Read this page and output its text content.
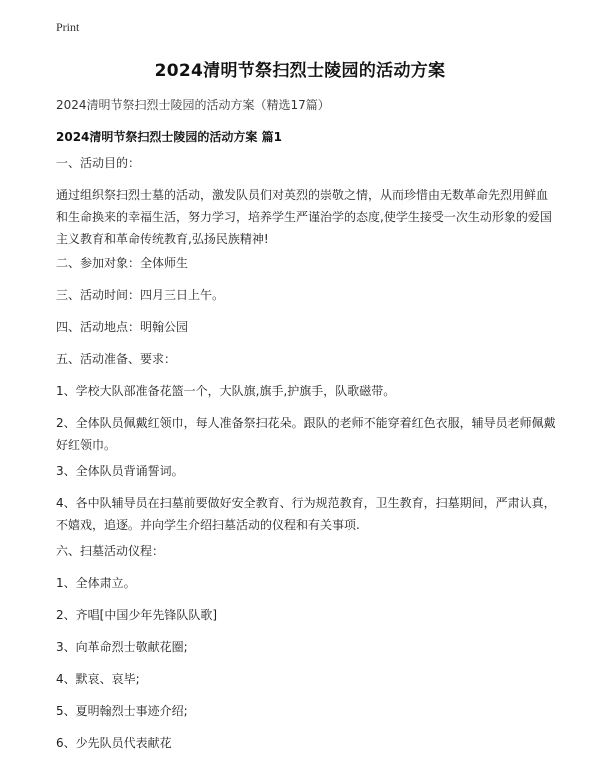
Print
2024清明节祭扫烈士陵园的活动方案
2024清明节祭扫烈士陵园的活动方案（精选17篇）
2024清明节祭扫烈士陵园的活动方案 篇1
一、活动目的：
通过组织祭扫烈士墓的活动，激发队员们对英烈的崇敬之情，从而珍惜由无数革命先烈用鲜血和生命换来的幸福生活，努力学习，培养学生严谨治学的态度,使学生接受一次生动形象的爱国主义教育和革命传统教育,弘扬民族精神!
二、参加对象：全体师生
三、活动时间：四月三日上午。
四、活动地点：明翰公园
五、活动准备、要求：
1、学校大队部准备花篮一个，大队旗,旗手,护旗手，队歌磁带。
2、全体队员佩戴红领巾，每人准备祭扫花朵。跟队的老师不能穿着红色衣服，辅导员老师佩戴好红领巾。
3、全体队员背诵誓词。
4、各中队辅导员在扫墓前要做好安全教育、行为规范教育，卫生教育，扫墓期间，严肃认真，不嬉戏，追逐。并向学生介绍扫墓活动的仪程和有关事项.
六、扫墓活动仪程：
1、全体肃立。
2、齐唱[中国少年先锋队队歌]
3、向革命烈士敬献花圈;
4、默哀、哀毕;
5、夏明翰烈士事迹介绍;
6、少先队员代表献花
